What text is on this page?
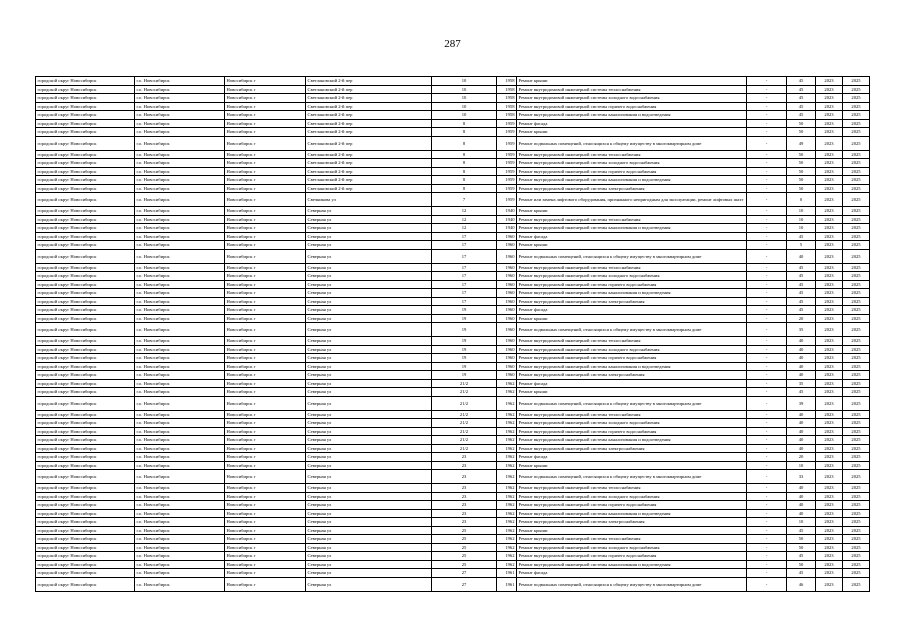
287
городской округ Новосибирск	г.о. Новосибирск	Новосибирск г	Светлановский 2-й пер	10	1958	Ремонт крыши	-	45	2023	2025
городской округ Новосибирск	г.о. Новосибирск	Новосибирск г	Светлановский 2-й пер	10	1958	Ремонт внутридомовой инженерной системы теплоснабжения	-	45	2023	2025
городской округ Новосибирск	г.о. Новосибирск	Новосибирск г	Светлановский 2-й пер	10	1958	Ремонт внутридомовой инженерной системы холодного водоснабжения	-	45	2023	2025
городской округ Новосибирск	г.о. Новосибирск	Новосибирск г	Светлановский 2-й пер	10	1958	Ремонт внутридомовой инженерной системы горячего водоснабжения	-	45	2023	2025
городской округ Новосибирск	г.о. Новосибирск	Новосибирск г	Светлановский 2-й пер	10	1958	Ремонт внутридомовой инженерной системы канализования и водоотведения	-	45	2023	2025
городской округ Новосибирск	г.о. Новосибирск	Новосибирск г	Светлановский 2-й пер	8	1959	Ремонт фасада	-	50	2023	2025
городской округ Новосибирск	г.о. Новосибирск	Новосибирск г	Светлановский 2-й пер	8	1959	Ремонт крыши	-	50	2023	2025
городской округ Новосибирск	г.о. Новосибирск	Новосибирск г	Светлановский 2-й пер	8	1959	Ремонт подвальных помещений, относящихся к общему имуществу в многоквартирном доме	-	49	2023	2025
городской округ Новосибирск	г.о. Новосибирск	Новосибирск г	Светлановский 2-й пер	8	1959	Ремонт внутридомовой инженерной системы теплоснабжения	-	50	2023	2025
городской округ Новосибирск	г.о. Новосибирск	Новосибирск г	Светлановский 2-й пер	8	1959	Ремонт внутридомовой инженерной системы холодного водоснабжения	-	50	2023	2025
городской округ Новосибирск	г.о. Новосибирск	Новосибирск г	Светлановский 2-й пер	8	1959	Ремонт внутридомовой инженерной системы горячего водоснабжения	-	50	2023	2025
городской округ Новосибирск	г.о. Новосибирск	Новосибирск г	Светлановский 2-й пер	8	1959	Ремонт внутридомовой инженерной системы канализования и водоотведения	-	50	2023	2025
городской округ Новосибирск	г.о. Новосибирск	Новосибирск г	Светлановский 2-й пер	8	1959	Ремонт внутридомовой инженерной системы электроснабжения	-	50	2023	2025
городской округ Новосибирск	г.о. Новосибирск	Новосибирск г	Свечникова ул	7	1959	Ремонт или замена лифтового оборудования, признанного непригодным для эксплуатации, ремонт лифтовых шахт	-	0	2023	2025
городской округ Новосибирск	г.о. Новосибирск	Новосибирск г	Северная ул	12	1940	Ремонт крыши	-	10	2023	2025
городской округ Новосибирск	г.о. Новосибирск	Новосибирск г	Северная ул	12	1940	Ремонт внутридомовой инженерной системы теплоснабжения	-	10	2023	2025
городской округ Новосибирск	г.о. Новосибирск	Новосибирск г	Северная ул	12	1940	Ремонт внутридомовой инженерной системы канализования и водоотведения	-	10	2023	2025
городской округ Новосибирск	г.о. Новосибирск	Новосибирск г	Северная ул	17	1960	Ремонт фасада	-	45	2023	2025
городской округ Новосибирск	г.о. Новосибирск	Новосибирск г	Северная ул	17	1960	Ремонт крыши	-	5	2023	2025
городской округ Новосибирск	г.о. Новосибирск	Новосибирск г	Северная ул	17	1960	Ремонт подвальных помещений, относящихся к общему имуществу в многоквартирном доме	-	40	2023	2025
городской округ Новосибирск	г.о. Новосибирск	Новосибирск г	Северная ул	17	1960	Ремонт внутридомовой инженерной системы теплоснабжения	-	45	2023	2025
городской округ Новосибирск	г.о. Новосибирск	Новосибирск г	Северная ул	17	1960	Ремонт внутридомовой инженерной системы холодного водоснабжения	-	45	2023	2025
городской округ Новосибирск	г.о. Новосибирск	Новосибирск г	Северная ул	17	1960	Ремонт внутридомовой инженерной системы горячего водоснабжения	-	45	2023	2025
городской округ Новосибирск	г.о. Новосибирск	Новосибирск г	Северная ул	17	1960	Ремонт внутридомовой инженерной системы канализования и водоотведения	-	45	2023	2025
городской округ Новосибирск	г.о. Новосибирск	Новосибирск г	Северная ул	17	1960	Ремонт внутридомовой инженерной системы электроснабжения	-	45	2023	2025
городской округ Новосибирск	г.о. Новосибирск	Новосибирск г	Северная ул	19	1960	Ремонт фасада	-	45	2023	2025
городской округ Новосибирск	г.о. Новосибирск	Новосибирск г	Северная ул	19	1960	Ремонт крыши	-	20	2023	2025
городской округ Новосибирск	г.о. Новосибирск	Новосибирск г	Северная ул	19	1960	Ремонт подвальных помещений, относящихся к общему имуществу в многоквартирном доме	-	35	2023	2025
городской округ Новосибирск	г.о. Новосибирск	Новосибирск г	Северная ул	19	1960	Ремонт внутридомовой инженерной системы теплоснабжения	-	40	2023	2025
городской округ Новосибирск	г.о. Новосибирск	Новосибирск г	Северная ул	19	1960	Ремонт внутридомовой инженерной системы холодного водоснабжения	-	40	2023	2025
городской округ Новосибирск	г.о. Новосибирск	Новосибирск г	Северная ул	19	1960	Ремонт внутридомовой инженерной системы горячего водоснабжения	-	40	2023	2025
городской округ Новосибирск	г.о. Новосибирск	Новосибирск г	Северная ул	19	1960	Ремонт внутридомовой инженерной системы канализования и водоотведения	-	40	2023	2025
городской округ Новосибирск	г.о. Новосибирск	Новосибирск г	Северная ул	19	1960	Ремонт внутридомовой инженерной системы электроснабжения	-	40	2023	2025
городской округ Новосибирск	г.о. Новосибирск	Новосибирск г	Северная ул	21/2	1962	Ремонт фасада	-	35	2023	2025
городской округ Новосибирск	г.о. Новосибирск	Новосибирск г	Северная ул	21/2	1962	Ремонт крыши	-	45	2023	2025
городской округ Новосибирск	г.о. Новосибирск	Новосибирск г	Северная ул	21/2	1962	Ремонт подвальных помещений, относящихся к общему имуществу в многоквартирном доме	-	39	2023	2025
городской округ Новосибирск	г.о. Новосибирск	Новосибирск г	Северная ул	21/2	1962	Ремонт внутридомовой инженерной системы теплоснабжения	-	40	2023	2025
городской округ Новосибирск	г.о. Новосибирск	Новосибирск г	Северная ул	21/2	1962	Ремонт внутридомовой инженерной системы холодного водоснабжения	-	40	2023	2025
городской округ Новосибирск	г.о. Новосибирск	Новосибирск г	Северная ул	21/2	1962	Ремонт внутридомовой инженерной системы горячего водоснабжения	-	40	2023	2025
городской округ Новосибирск	г.о. Новосибирск	Новосибирск г	Северная ул	21/2	1962	Ремонт внутридомовой инженерной системы канализования и водоотведения	-	40	2023	2025
городской округ Новосибирск	г.о. Новосибирск	Новосибирск г	Северная ул	21/2	1962	Ремонт внутридомовой инженерной системы электроснабжения	-	40	2023	2025
городской округ Новосибирск	г.о. Новосибирск	Новосибирск г	Северная ул	23	1962	Ремонт фасада	-	20	2023	2025
городской округ Новосибирск	г.о. Новосибирск	Новосибирск г	Северная ул	23	1962	Ремонт крыши	-	10	2023	2025
городской округ Новосибирск	г.о. Новосибирск	Новосибирск г	Северная ул	23	1962	Ремонт подвальных помещений, относящихся к общему имуществу в многоквартирном доме	-	33	2023	2025
городской округ Новосибирск	г.о. Новосибирск	Новосибирск г	Северная ул	23	1962	Ремонт внутридомовой инженерной системы теплоснабжения	-	40	2023	2025
городской округ Новосибирск	г.о. Новосибирск	Новосибирск г	Северная ул	23	1962	Ремонт внутридомовой инженерной системы холодного водоснабжения	-	40	2023	2025
городской округ Новосибирск	г.о. Новосибирск	Новосибирск г	Северная ул	23	1962	Ремонт внутридомовой инженерной системы горячего водоснабжения	-	40	2023	2025
городской округ Новосибирск	г.о. Новосибирск	Новосибирск г	Северная ул	23	1962	Ремонт внутридомовой инженерной системы канализования и водоотведения	-	40	2023	2025
городской округ Новосибирск	г.о. Новосибирск	Новосибирск г	Северная ул	23	1962	Ремонт внутридомовой инженерной системы электроснабжения	-	10	2023	2025
городской округ Новосибирск	г.о. Новосибирск	Новосибирск г	Северная ул	25	1962	Ремонт крыши	-	45	2023	2025
городской округ Новосибирск	г.о. Новосибирск	Новосибирск г	Северная ул	25	1962	Ремонт внутридомовой инженерной системы теплоснабжения	-	50	2023	2025
городской округ Новосибирск	г.о. Новосибирск	Новосибирск г	Северная ул	25	1962	Ремонт внутридомовой инженерной системы холодного водоснабжения	-	50	2023	2025
городской округ Новосибирск	г.о. Новосибирск	Новосибирск г	Северная ул	25	1962	Ремонт внутридомовой инженерной системы горячего водоснабжения	-	45	2023	2025
городской округ Новосибирск	г.о. Новосибирск	Новосибирск г	Северная ул	25	1962	Ремонт внутридомовой инженерной системы канализования и водоотведения	-	50	2023	2025
городской округ Новосибирск	г.о. Новосибирск	Новосибирск г	Северная ул	27	1961	Ремонт фасада	-	45	2023	2025
городской округ Новосибирск	г.о. Новосибирск	Новосибирск г	Северная ул	27	1961	Ремонт подвальных помещений, относящихся к общему имуществу в многоквартирном доме	-	46	2023	2025
